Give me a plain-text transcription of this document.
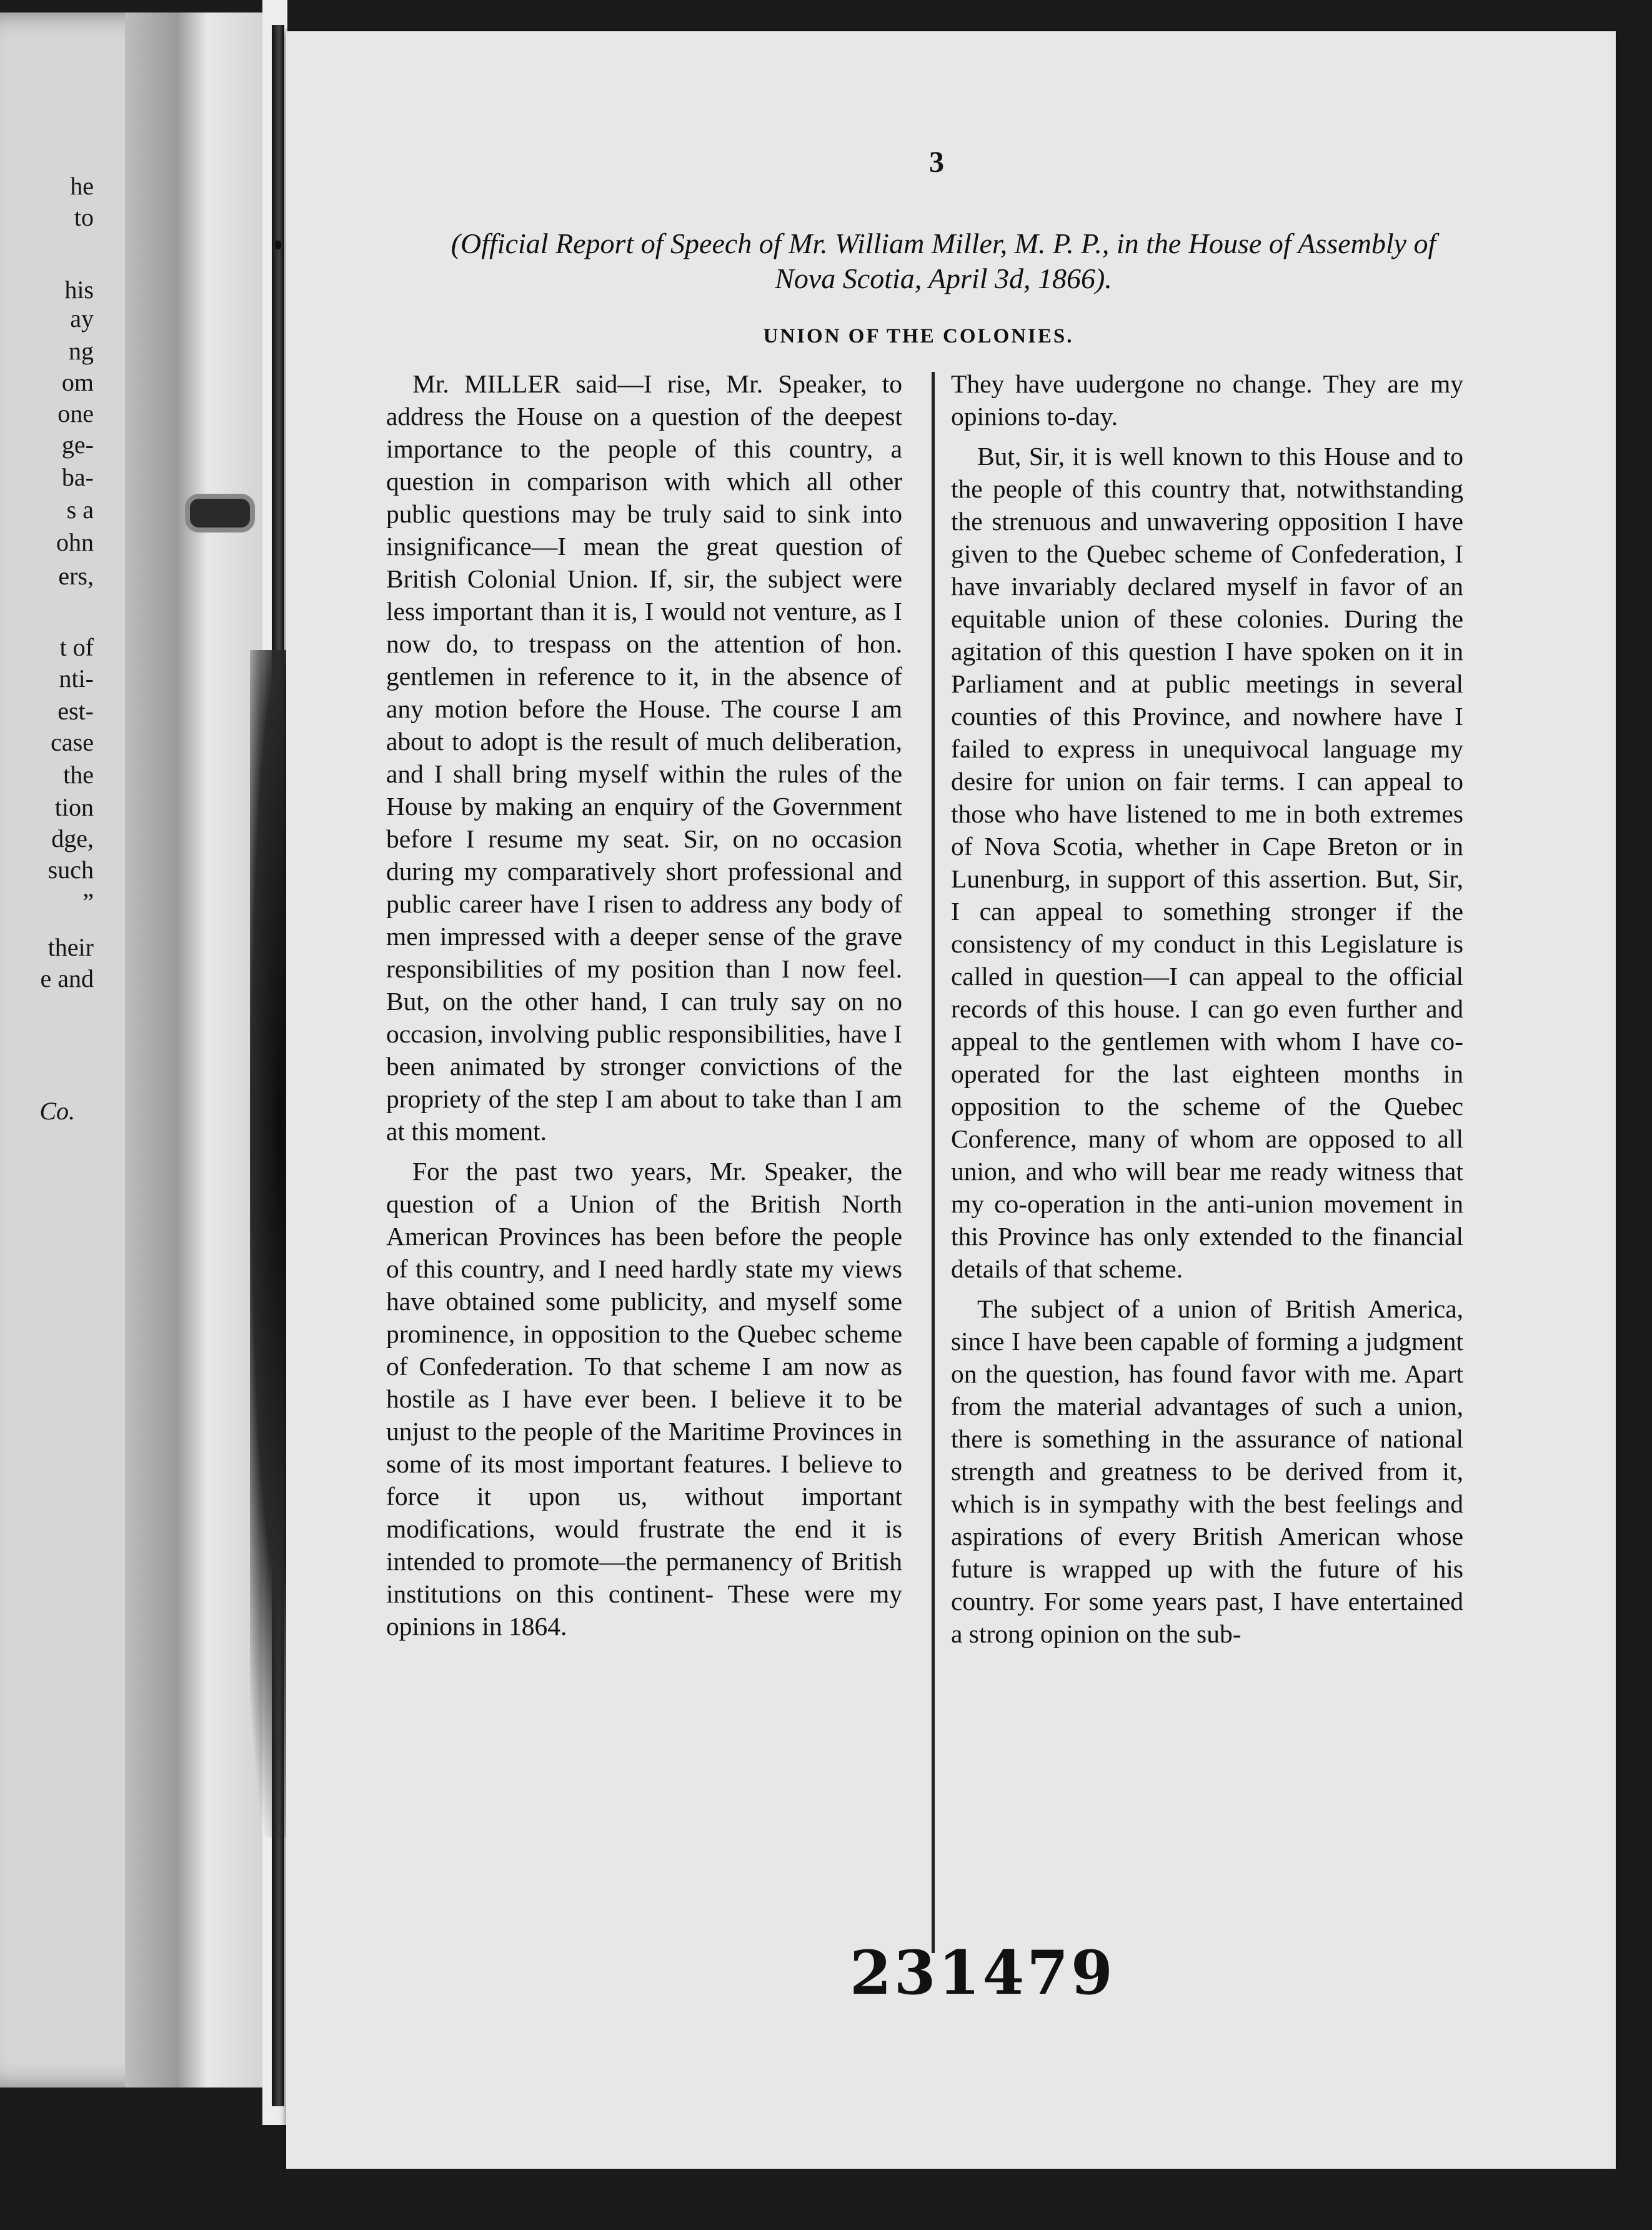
he
to
his
ay
ng
om
one
ge-
ba-
s a
ohn
ers,
t of
nti-
est-
case
the
tion
dge,
such
”
their
e and
Co.
3
(Official Report of Speech of Mr. William Miller, M. P. P., in the House of Assembly of Nova Scotia, April 3d, 1866).
UNION OF THE COLONIES.

Mr. MILLER said—I rise, Mr. Speaker, to address the House on a question of the deepest importance to the people of this country, a question in comparison with which all other public questions may be truly said to sink into insignificance—I mean the great question of British Colonial Union. If, sir, the subject were less important than it is, I would not venture, as I now do, to trespass on the attention of hon. gentlemen in reference to it, in the absence of any motion before the House. The course I am about to adopt is the result of much deliberation, and I shall bring myself within the rules of the House by making an enquiry of the Government before I resume my seat. Sir, on no occasion during my comparatively short professional and public career have I risen to address any body of men impressed with a deeper sense of the grave responsibilities of my position than I now feel. But, on the other hand, I can truly say on no occasion, involving public responsibilities, have I been animated by stronger convictions of the propriety of the step I am about to take than I am at this moment.

For the past two years, Mr. Speaker, the question of a Union of the British North American Provinces has been before the people of this country, and I need hardly state my views have obtained some publicity, and myself some prominence, in opposition to the Quebec scheme of Confederation. To that scheme I am now as hostile as I have ever been. I believe it to be unjust to the people of the Maritime Provinces in some of its most important features. I believe to force it upon us, without important modifications, would frustrate the end it is intended to promote—the permanency of British institutions on this continent- These were my opinions in 1864.

They have uudergone no change. They are my opinions to-day.

But, Sir, it is well known to this House and to the people of this country that, notwithstanding the strenuous and unwavering opposition I have given to the Quebec scheme of Confederation, I have invariably declared myself in favor of an equitable union of these colonies. During the agitation of this question I have spoken on it in Parliament and at public meetings in several counties of this Province, and nowhere have I failed to express in unequivocal language my desire for union on fair terms. I can appeal to those who have listened to me in both extremes of Nova Scotia, whether in Cape Breton or in Lunenburg, in support of this assertion. But, Sir, I can appeal to something stronger if the consistency of my conduct in this Legislature is called in question—I can appeal to the official records of this house. I can go even further and appeal to the gentlemen with whom I have co-operated for the last eighteen months in opposition to the scheme of the Quebec Conference, many of whom are opposed to all union, and who will bear me ready witness that my co-operation in the anti-union movement in this Province has only extended to the financial details of that scheme.

The subject of a union of British America, since I have been capable of forming a judgment on the question, has found favor with me. Apart from the material advantages of such a union, there is something in the assurance of national strength and greatness to be derived from it, which is in sympathy with the best feelings and aspirations of every British American whose future is wrapped up with the future of his country. For some years past, I have entertained a strong opinion on the sub-

231479
